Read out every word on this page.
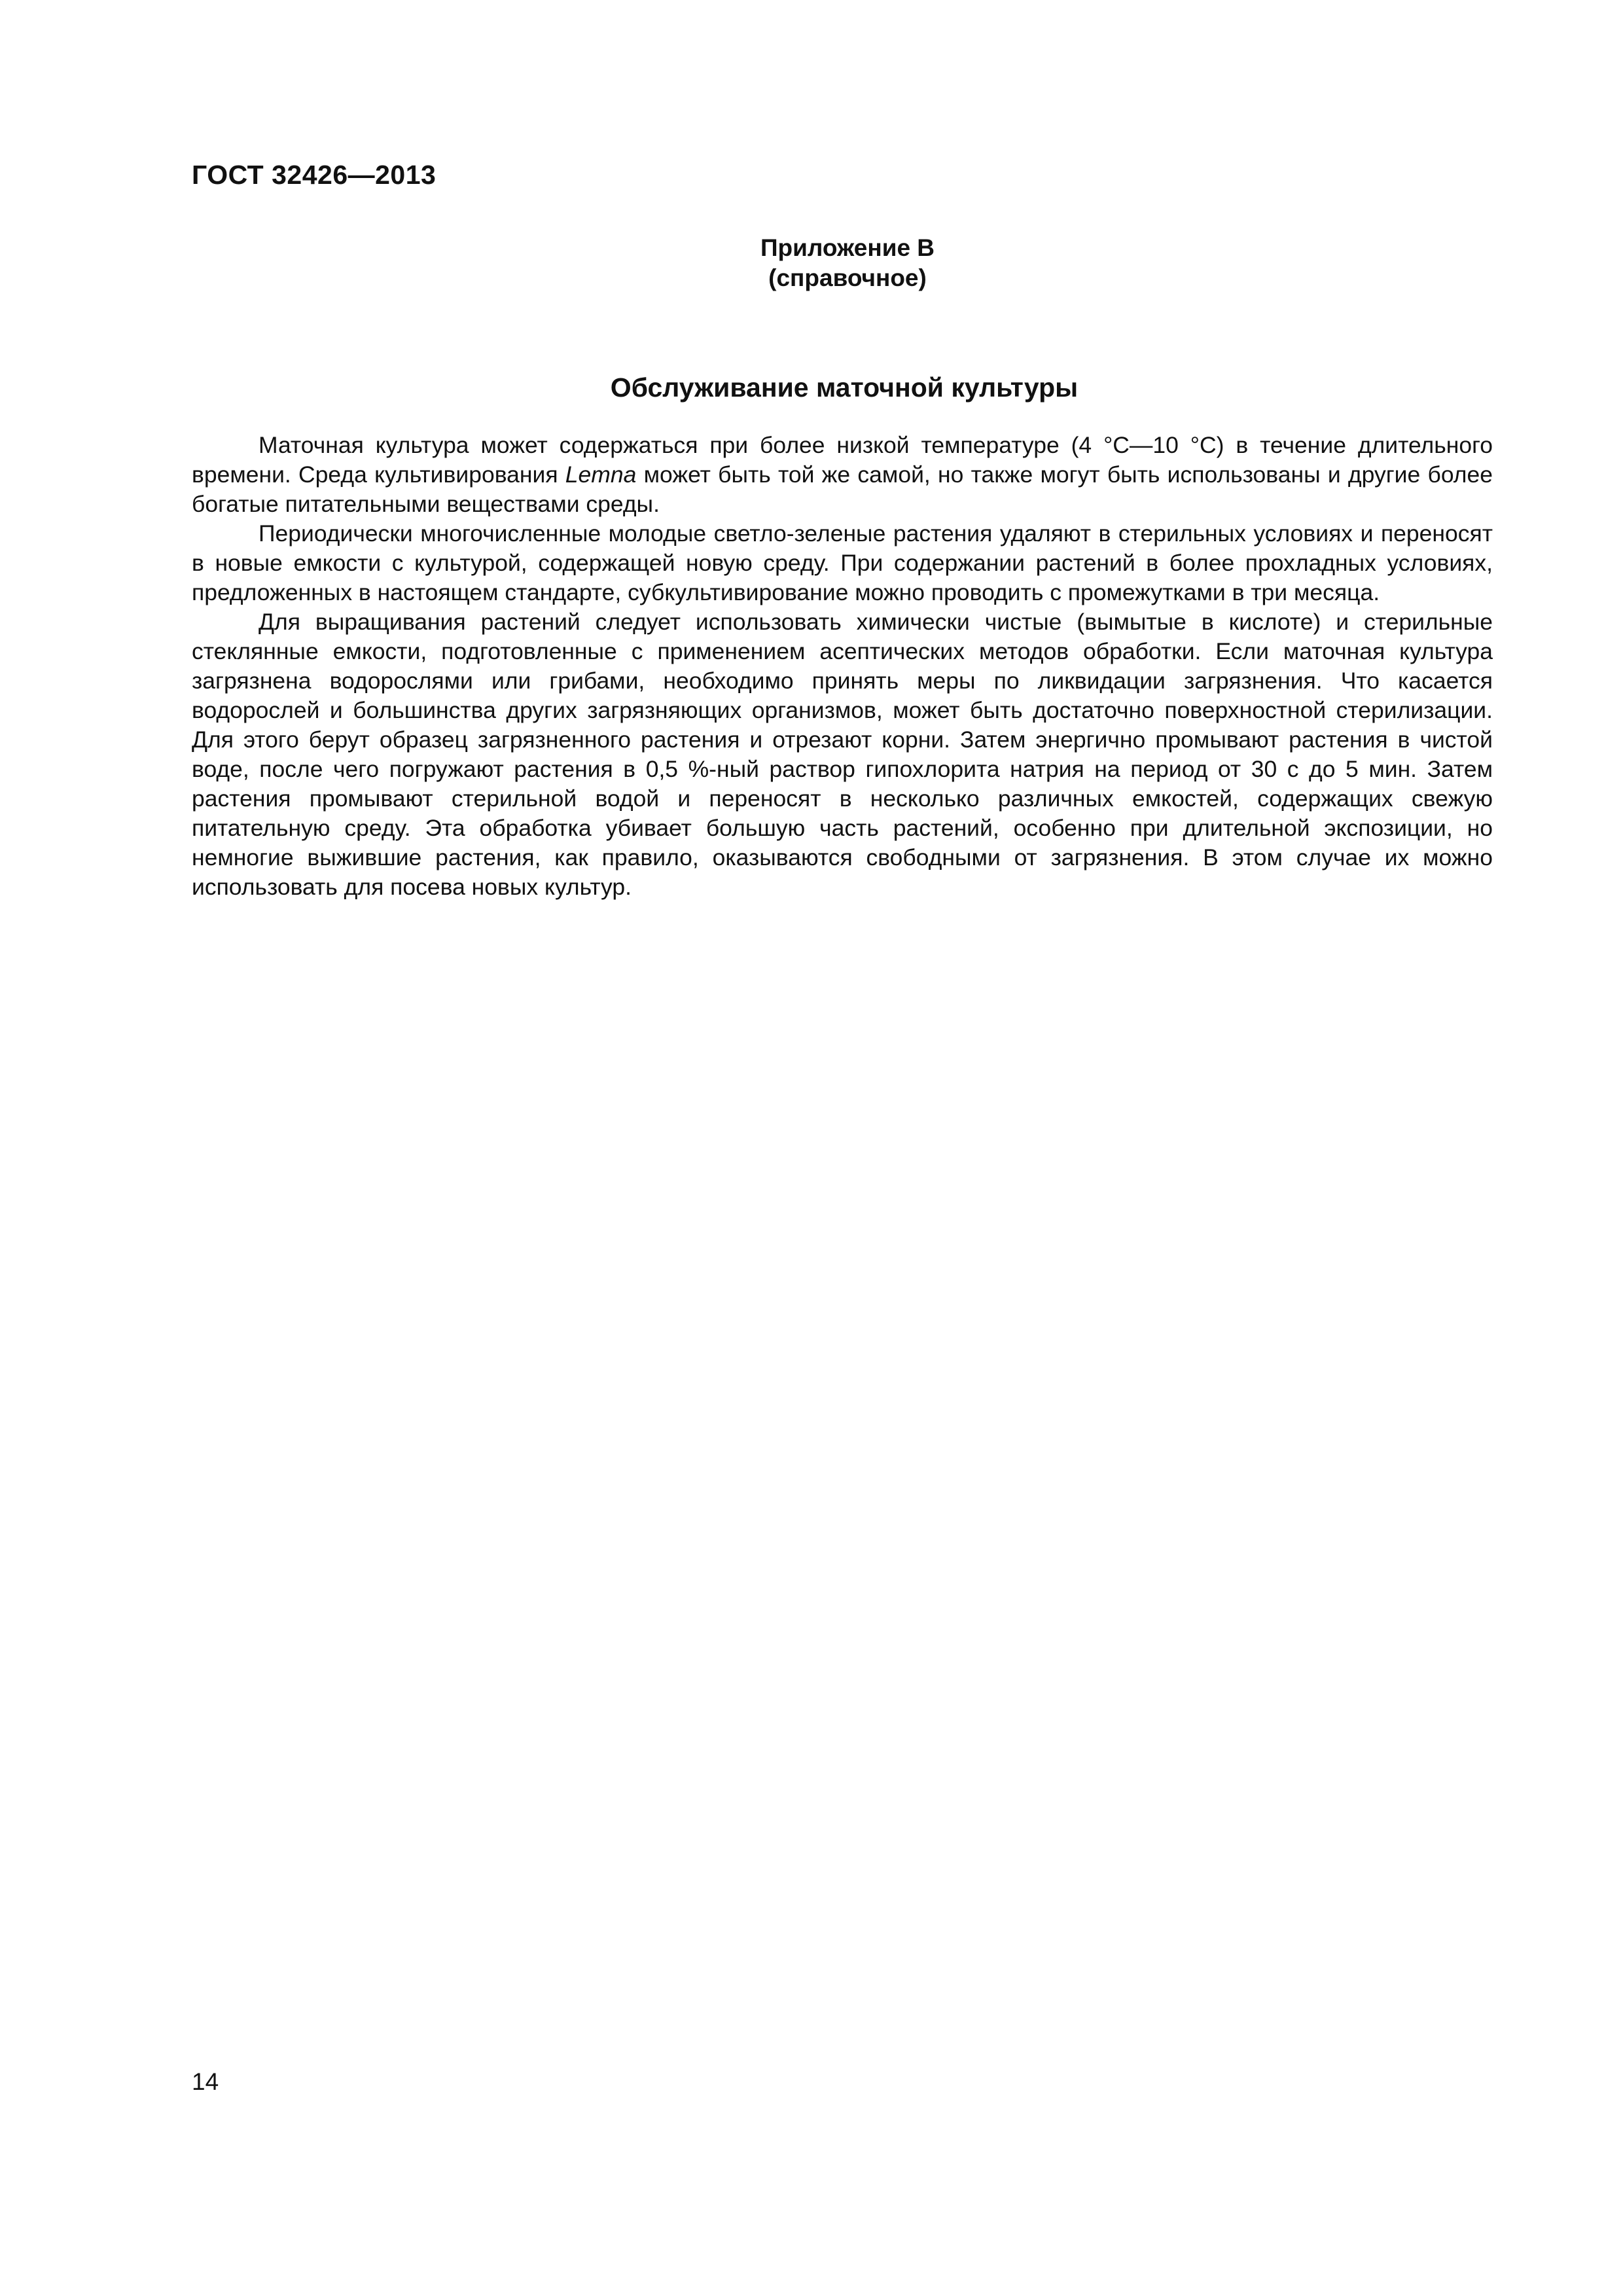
ГОСТ 32426—2013
Приложение В
(справочное)
Обслуживание маточной культуры

Маточная культура может содержаться при более низкой температуре (4 °С—10 °С) в течение длительного времени. Среда культивирования Lemna может быть той же самой, но также могут быть использованы и другие более богатые питательными веществами среды.

Периодически многочисленные молодые светло-зеленые растения удаляют в стерильных условиях и переносят в новые емкости с культурой, содержащей новую среду. При содержании растений в более прохладных условиях, предложенных в настоящем стандарте, субкультивирование можно проводить с промежутками в три месяца.

Для выращивания растений следует использовать химически чистые (вымытые в кислоте) и стерильные стеклянные емкости, подготовленные с применением асептических методов обработки. Если маточная культура загрязнена водорослями или грибами, необходимо принять меры по ликвидации загрязнения. Что касается водорослей и большинства других загрязняющих организмов, может быть достаточно поверхностной стерилизации. Для этого берут образец загрязненного растения и отрезают корни. Затем энергично промывают растения в чистой воде, после чего погружают растения в 0,5 %-ный раствор гипохлорита натрия на период от 30 с до 5 мин. Затем растения промывают стерильной водой и переносят в несколько различных емкостей, содержащих свежую питательную среду. Эта обработка убивает большую часть растений, особенно при длительной экспозиции, но немногие выжившие растения, как правило, оказываются свободными от загрязнения. В этом случае их можно использовать для посева новых культур.

14
